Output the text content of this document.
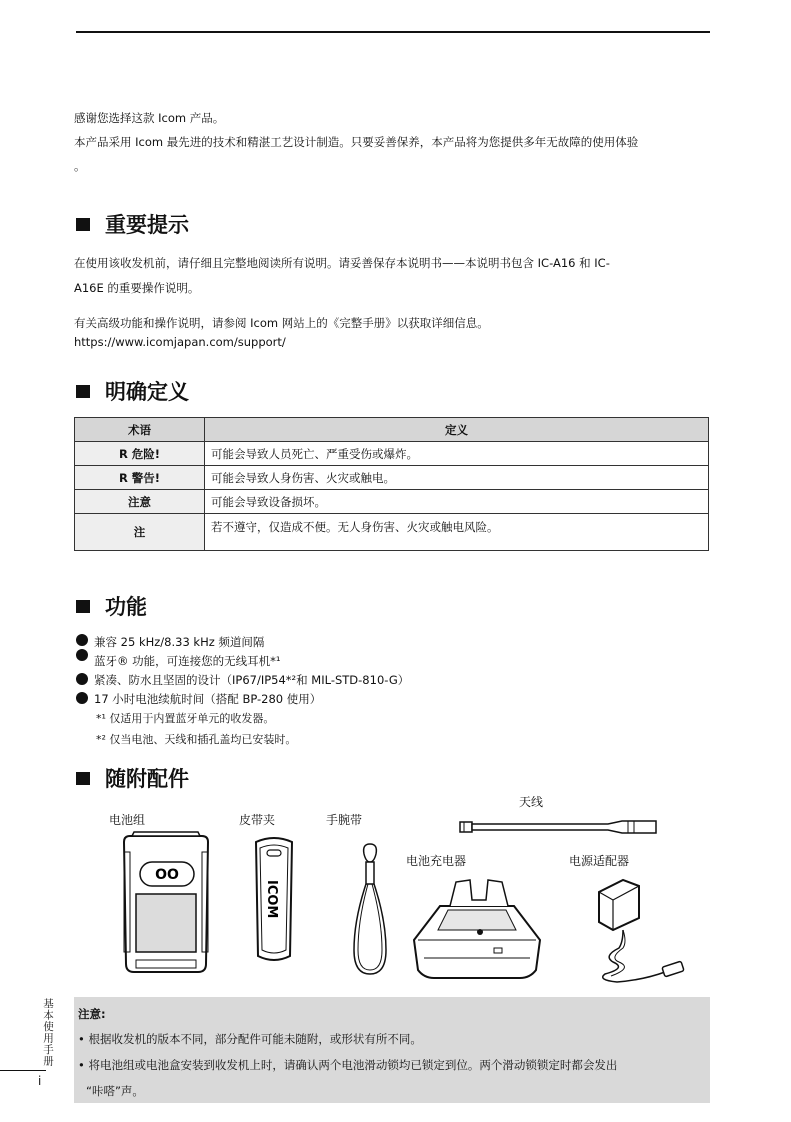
感谢您选择这款 Icom 产品。
本产品采用 Icom 最先进的技术和精湛工艺设计制造。只要妥善保养，本产品将为您提供多年无故障的使用体验
。
重要提示
在使用该收发机前，请仔细且完整地阅读所有说明。请妥善保存本说明书——本说明书包含 IC-A16 和 IC-
A16E 的重要操作说明。
有关高级功能和操作说明，请参阅 Icom 网站上的《完整手册》以获取详细信息。
https://www.icomjapan.com/support/
明确定义
术语	定义
R 危险!	可能会导致人员死亡、严重受伤或爆炸。
R 警告!	可能会导致人身伤害、火灾或触电。
注意	可能会导致设备损坏。
注	若不遵守，仅造成不便。无人身伤害、火灾或触电风险。
功能
兼容 25 kHz/8.33 kHz 频道间隔
蓝牙® 功能，可连接您的无线耳机*¹
紧凑、防水且坚固的设计（IP67/IP54*²和 MIL-STD-810-G）
17 小时电池续航时间（搭配 BP-280 使用）
*¹ 仅适用于内置蓝牙单元的收发器。
*² 仅当电池、天线和插孔盖均已安装时。
随附配件
电池组	皮带夹	手腕带
天线
电池充电器	电源适配器
OO
ICOM
注意:
• 根据收发机的版本不同，部分配件可能未随附，或形状有所不同。
• 将电池组或电池盒安装到收发机上时，请确认两个电池滑动锁均已锁定到位。两个滑动锁锁定时都会发出
“咔嗒”声。
基本使用手册
i
